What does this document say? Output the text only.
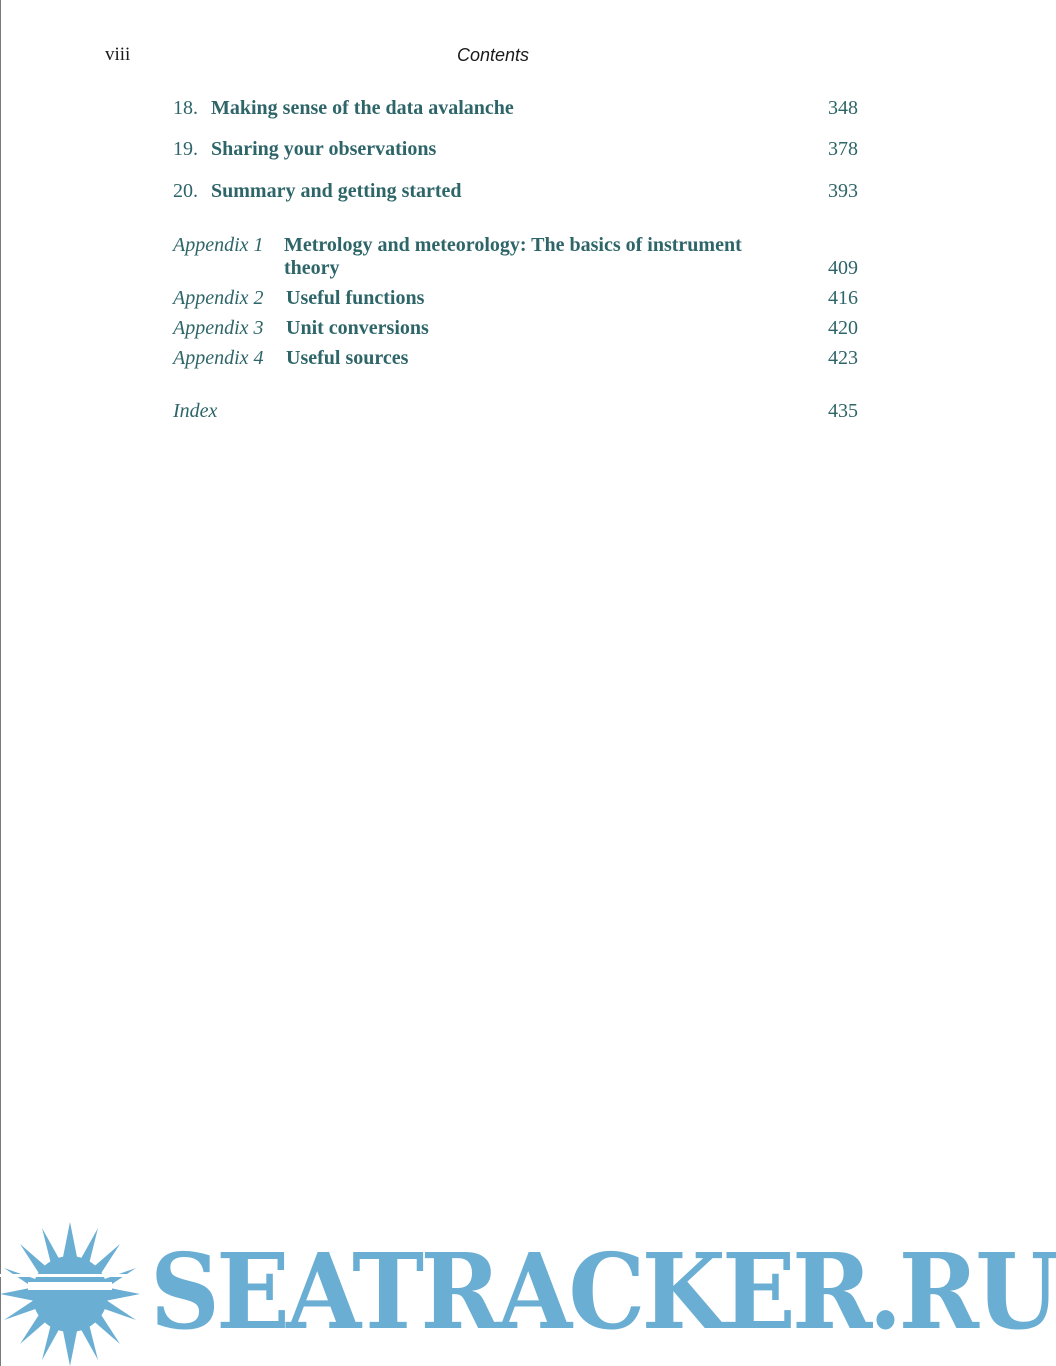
viii	Contents
18. Making sense of the data avalanche	348
19. Sharing your observations	378
20. Summary and getting started	393
Appendix 1 Metrology and meteorology: The basics of instrument theory	409
Appendix 2 Useful functions	416
Appendix 3 Unit conversions	420
Appendix 4 Useful sources	423
Index	435
SEATRACKER.RU
